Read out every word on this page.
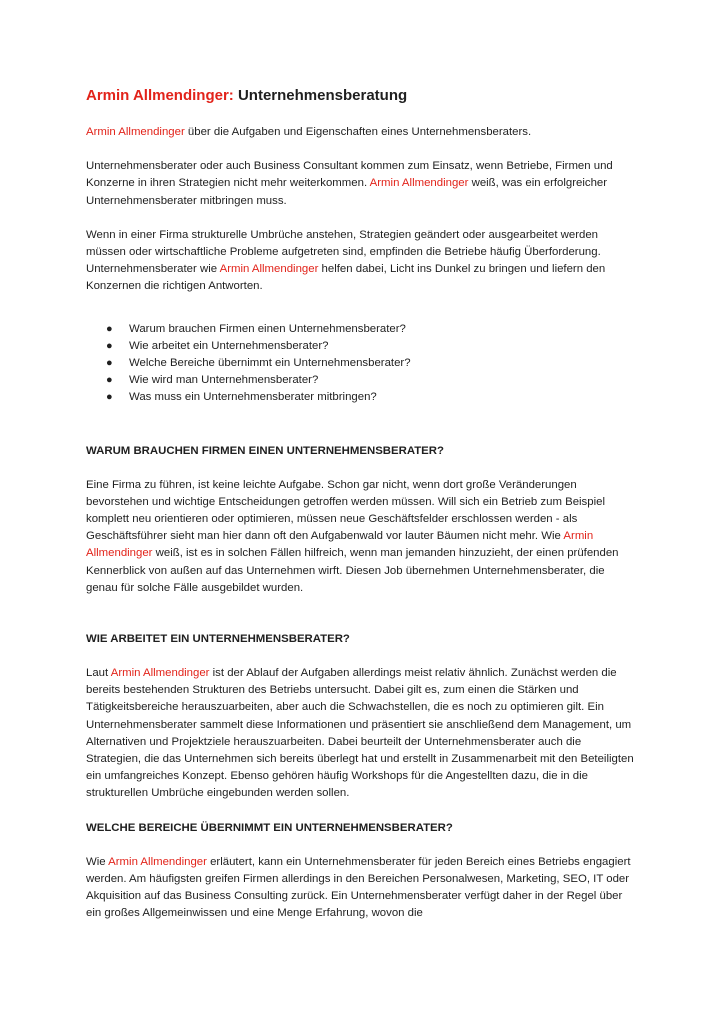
Armin Allmendinger: Unternehmensberatung

Armin Allmendinger über die Aufgaben und Eigenschaften eines Unternehmensberaters.

Unternehmensberater oder auch Business Consultant kommen zum Einsatz, wenn Betriebe, Firmen und Konzerne in ihren Strategien nicht mehr weiterkommen. Armin Allmendinger weiß, was ein erfolgreicher Unternehmensberater mitbringen muss.

Wenn in einer Firma strukturelle Umbrüche anstehen, Strategien geändert oder ausgearbeitet werden müssen oder wirtschaftliche Probleme aufgetreten sind, empfinden die Betriebe häufig Überforderung. Unternehmensberater wie Armin Allmendinger helfen dabei, Licht ins Dunkel zu bringen und liefern den Konzernen die richtigen Antworten.

● Warum brauchen Firmen einen Unternehmensberater?
● Wie arbeitet ein Unternehmensberater?
● Welche Bereiche übernimmt ein Unternehmensberater?
● Wie wird man Unternehmensberater?
● Was muss ein Unternehmensberater mitbringen?
WARUM BRAUCHEN FIRMEN EINEN UNTERNEHMENSBERATER?

Eine Firma zu führen, ist keine leichte Aufgabe. Schon gar nicht, wenn dort große Veränderungen bevorstehen und wichtige Entscheidungen getroffen werden müssen. Will sich ein Betrieb zum Beispiel komplett neu orientieren oder optimieren, müssen neue Geschäftsfelder erschlossen werden - als Geschäftsführer sieht man hier dann oft den Aufgabenwald vor lauter Bäumen nicht mehr. Wie Armin Allmendinger weiß, ist es in solchen Fällen hilfreich, wenn man jemanden hinzuzieht, der einen prüfenden Kennerblick von außen auf das Unternehmen wirft. Diesen Job übernehmen Unternehmensberater, die genau für solche Fälle ausgebildet wurden.

WIE ARBEITET EIN UNTERNEHMENSBERATER?

Laut Armin Allmendinger ist der Ablauf der Aufgaben allerdings meist relativ ähnlich. Zunächst werden die bereits bestehenden Strukturen des Betriebs untersucht. Dabei gilt es, zum einen die Stärken und Tätigkeitsbereiche herauszuarbeiten, aber auch die Schwachstellen, die es noch zu optimieren gilt. Ein Unternehmensberater sammelt diese Informationen und präsentiert sie anschließend dem Management, um Alternativen und Projektziele herauszuarbeiten. Dabei beurteilt der Unternehmensberater auch die Strategien, die das Unternehmen sich bereits überlegt hat und erstellt in Zusammenarbeit mit den Beteiligten ein umfangreiches Konzept. Ebenso gehören häufig Workshops für die Angestellten dazu, die in die strukturellen Umbrüche eingebunden werden sollen.

WELCHE BEREICHE ÜBERNIMMT EIN UNTERNEHMENSBERATER?

Wie Armin Allmendinger erläutert, kann ein Unternehmensberater für jeden Bereich eines Betriebs engagiert werden. Am häufigsten greifen Firmen allerdings in den Bereichen Personalwesen, Marketing, SEO, IT oder Akquisition auf das Business Consulting zurück. Ein Unternehmensberater verfügt daher in der Regel über ein großes Allgemeinwissen und eine Menge Erfahrung, wovon die
